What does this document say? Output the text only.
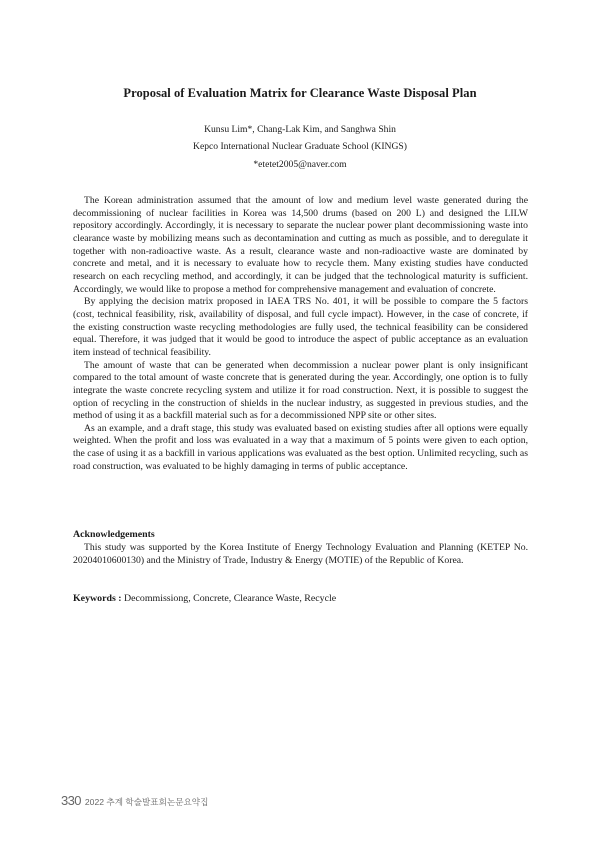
Proposal of Evaluation Matrix for Clearance Waste Disposal Plan
Kunsu Lim*, Chang-Lak Kim, and Sanghwa Shin
Kepco International Nuclear Graduate School (KINGS)
*etetet2005@naver.com

The Korean administration assumed that the amount of low and medium level waste generated during the decommissioning of nuclear facilities in Korea was 14,500 drums (based on 200 L) and designed the LILW repository accordingly. Accordingly, it is necessary to separate the nuclear power plant decommissioning waste into clearance waste by mobilizing means such as decontamination and cutting as much as possible, and to deregulate it together with non-radioactive waste. As a result, clearance waste and non-radioactive waste are dominated by concrete and metal, and it is necessary to evaluate how to recycle them. Many existing studies have conducted research on each recycling method, and accordingly, it can be judged that the technological maturity is sufficient. Accordingly, we would like to propose a method for comprehensive management and evaluation of concrete.

By applying the decision matrix proposed in IAEA TRS No. 401, it will be possible to compare the 5 factors (cost, technical feasibility, risk, availability of disposal, and full cycle impact). However, in the case of concrete, if the existing construction waste recycling methodologies are fully used, the technical feasibility can be considered equal. Therefore, it was judged that it would be good to introduce the aspect of public acceptance as an evaluation item instead of technical feasibility.

The amount of waste that can be generated when decommission a nuclear power plant is only insignificant compared to the total amount of waste concrete that is generated during the year. Accordingly, one option is to fully integrate the waste concrete recycling system and utilize it for road construction. Next, it is possible to suggest the option of recycling in the construction of shields in the nuclear industry, as suggested in previous studies, and the method of using it as a backfill material such as for a decommissioned NPP site or other sites.

As an example, and a draft stage, this study was evaluated based on existing studies after all options were equally weighted. When the profit and loss was evaluated in a way that a maximum of 5 points were given to each option, the case of using it as a backfill in various applications was evaluated as the best option. Unlimited recycling, such as road construction, was evaluated to be highly damaging in terms of public acceptance.

Acknowledgements

This study was supported by the Korea Institute of Energy Technology Evaluation and Planning (KETEP No. 20204010600130) and the Ministry of Trade, Industry & Energy (MOTIE) of the Republic of Korea.

Keywords : Decommissiong, Concrete, Clearance Waste, Recycle
330 2022 추계 학술발표회논문요약집
